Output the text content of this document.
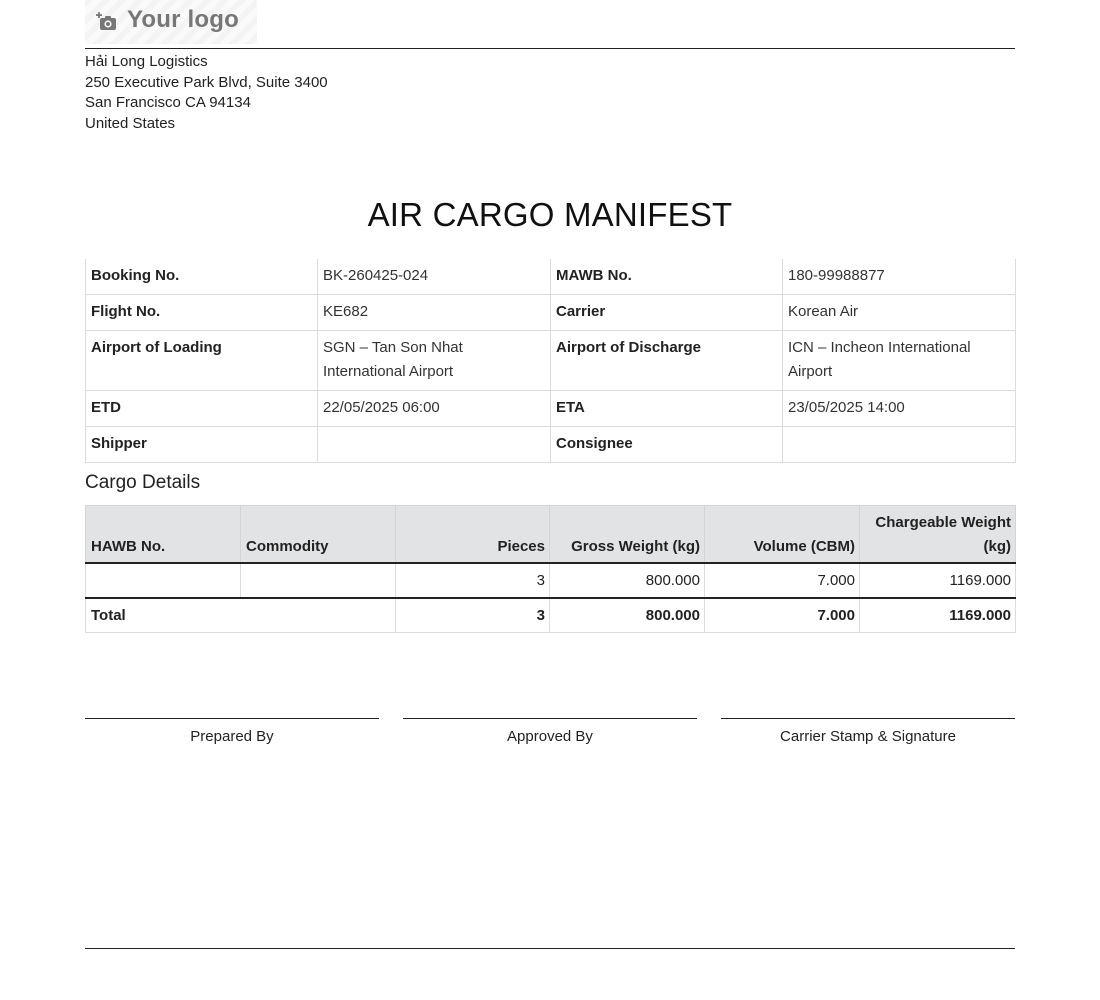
Your logo
Hải Long Logistics
250 Executive Park Blvd, Suite 3400
San Francisco CA 94134
United States
AIR CARGO MANIFEST
Booking No.	BK-260425-024	MAWB No.	180-99988877
Flight No.	KE682	Carrier	Korean Air
Airport of Loading	SGN – Tan Son Nhat International Airport	Airport of Discharge	ICN – Incheon International Airport
ETD	22/05/2025 06:00	ETA	23/05/2025 14:00
Shipper		Consignee	
Cargo Details
HAWB No.	Commodity	Pieces	Gross Weight (kg)	Volume (CBM)	Chargeable Weight (kg)
		3	800.000	7.000	1169.000
Total		3	800.000	7.000	1169.000
Prepared By	Approved By	Carrier Stamp & Signature
